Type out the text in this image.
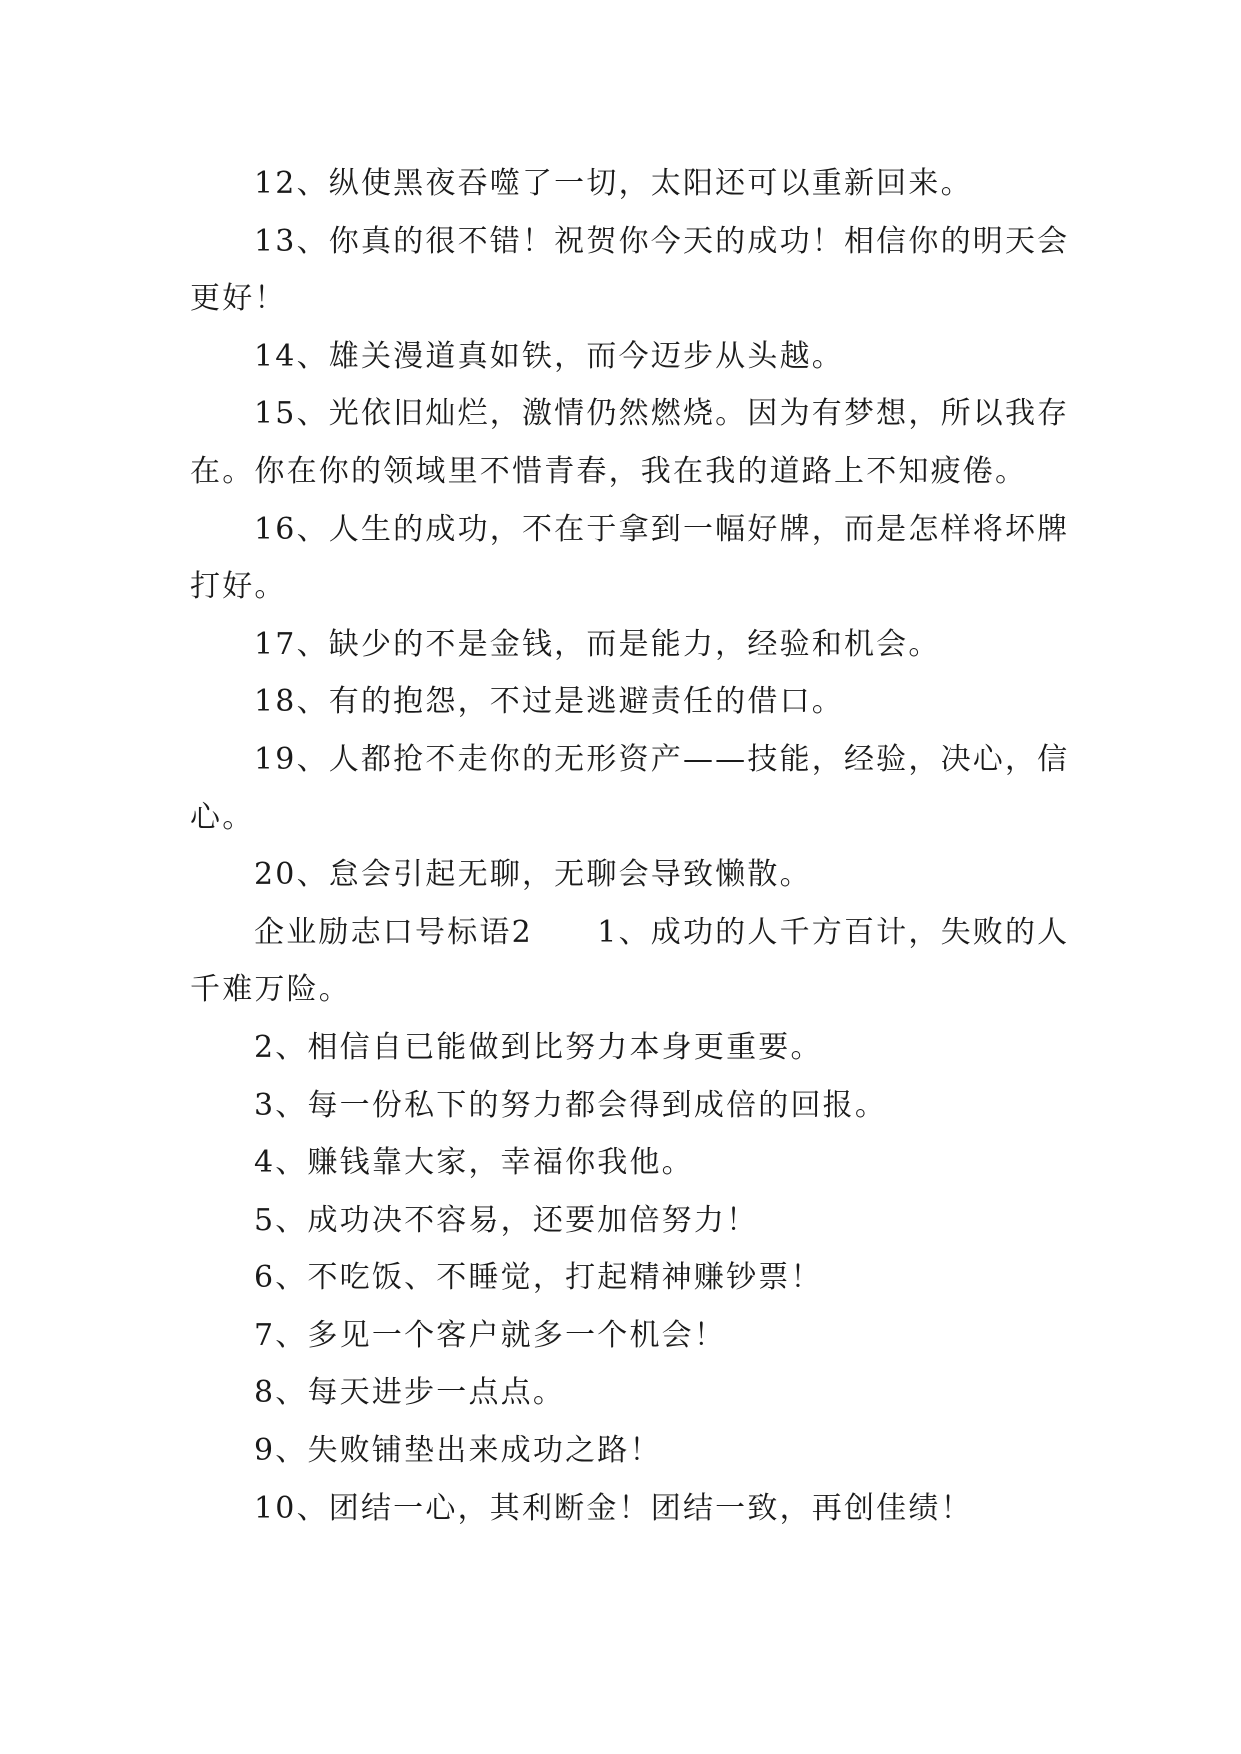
12、纵使黑夜吞噬了一切，太阳还可以重新回来。

13、你真的很不错！祝贺你今天的成功！相信你的明天会更好！

14、雄关漫道真如铁，而今迈步从头越。

15、光依旧灿烂，激情仍然燃烧。因为有梦想，所以我存在。你在你的领域里不惜青春，我在我的道路上不知疲倦。

16、人生的成功，不在于拿到一幅好牌，而是怎样将坏牌打好。

17、缺少的不是金钱，而是能力，经验和机会。

18、有的抱怨，不过是逃避责任的借口。

19、人都抢不走你的无形资产——技能，经验，决心，信心。

20、怠会引起无聊，无聊会导致懒散。

企业励志口号标语2　　1、成功的人千方百计，失败的人千难万险。

2、相信自已能做到比努力本身更重要。

3、每一份私下的努力都会得到成倍的回报。

4、赚钱靠大家，幸福你我他。

5、成功决不容易，还要加倍努力！

6、不吃饭、不睡觉，打起精神赚钞票！

7、多见一个客户就多一个机会！

8、每天进步一点点。

9、失败铺垫出来成功之路！

10、团结一心，其利断金！团结一致，再创佳绩！
